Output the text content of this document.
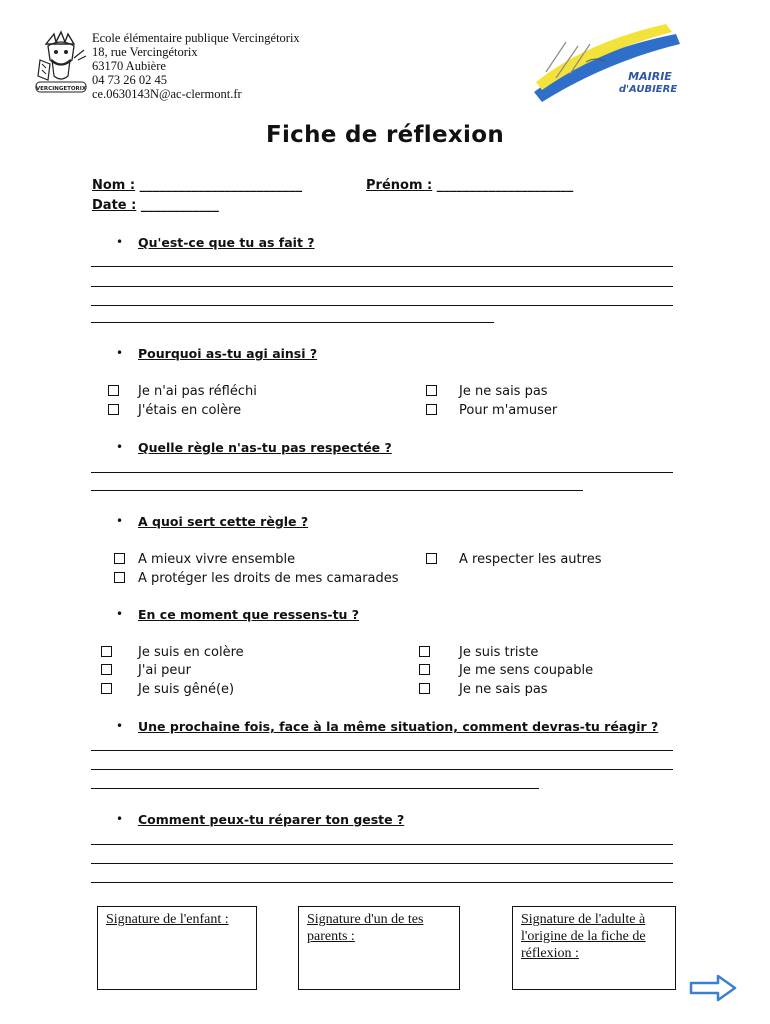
VERCINGETORIX
MAIRIE
d'AUBIERE
Ecole élémentaire publique Vercingétorix
18, rue Vercingétorix
63170 Aubière
04 73 26 02 45
ce.0630143N@ac-clermont.fr
Fiche de réflexion
Nom : _________________________	Prénom : _____________________
Date : ____________
• Qu'est-ce que tu as fait ?
• Pourquoi as-tu agi ainsi ?
Je n'ai pas réfléchi
J'étais en colère
Je ne sais pas
Pour m'amuser
• Quelle règle n'as-tu pas respectée ?
• A quoi sert cette règle ?
A mieux vivre ensemble
A protéger les droits de mes camarades
A respecter les autres
• En ce moment que ressens-tu ?
Je suis en colère
J'ai peur
Je suis gêné(e)
Je suis triste
Je me sens coupable
Je ne sais pas
• Une prochaine fois, face à la même situation, comment devras-tu réagir ?
• Comment peux-tu réparer ton geste ?
Signature de l'enfant :	Signature d'un de tes parents :
Signature de l'adulte à l'origine de la fiche de réflexion :
